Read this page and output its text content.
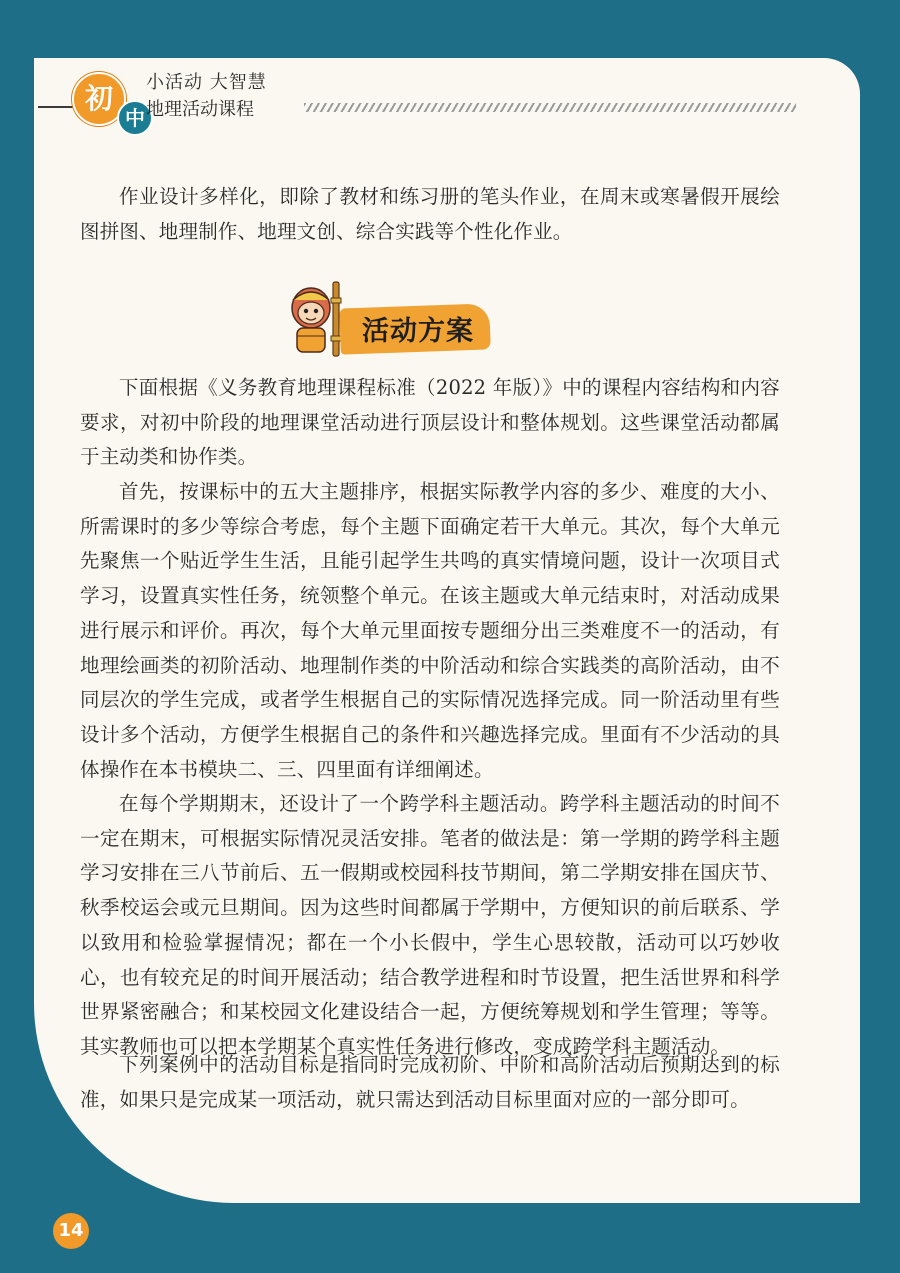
初
中
小活动 大智慧
地理活动课程

作业设计多样化，即除了教材和练习册的笔头作业，在周末或寒暑假开展绘图拼图、地理制作、地理文创、综合实践等个性化作业。

活动方案

下面根据《义务教育地理课程标准（2022 年版）》中的课程内容结构和内容要求，对初中阶段的地理课堂活动进行顶层设计和整体规划。这些课堂活动都属于主动类和协作类。

首先，按课标中的五大主题排序，根据实际教学内容的多少、难度的大小、所需课时的多少等综合考虑，每个主题下面确定若干大单元。其次，每个大单元先聚焦一个贴近学生生活，且能引起学生共鸣的真实情境问题，设计一次项目式学习，设置真实性任务，统领整个单元。在该主题或大单元结束时，对活动成果进行展示和评价。再次，每个大单元里面按专题细分出三类难度不一的活动，有地理绘画类的初阶活动、地理制作类的中阶活动和综合实践类的高阶活动，由不同层次的学生完成，或者学生根据自己的实际情况选择完成。同一阶活动里有些设计多个活动，方便学生根据自己的条件和兴趣选择完成。里面有不少活动的具体操作在本书模块二、三、四里面有详细阐述。

在每个学期期末，还设计了一个跨学科主题活动。跨学科主题活动的时间不一定在期末，可根据实际情况灵活安排。笔者的做法是：第一学期的跨学科主题学习安排在三八节前后、五一假期或校园科技节期间，第二学期安排在国庆节、秋季校运会或元旦期间。因为这些时间都属于学期中，方便知识的前后联系、学以致用和检验掌握情况；都在一个小长假中，学生心思较散，活动可以巧妙收心，也有较充足的时间开展活动；结合教学进程和时节设置，把生活世界和科学世界紧密融合；和某校园文化建设结合一起，方便统筹规划和学生管理；等等。其实教师也可以把本学期某个真实性任务进行修改，变成跨学科主题活动。

下列案例中的活动目标是指同时完成初阶、中阶和高阶活动后预期达到的标准，如果只是完成某一项活动，就只需达到活动目标里面对应的一部分即可。

14
